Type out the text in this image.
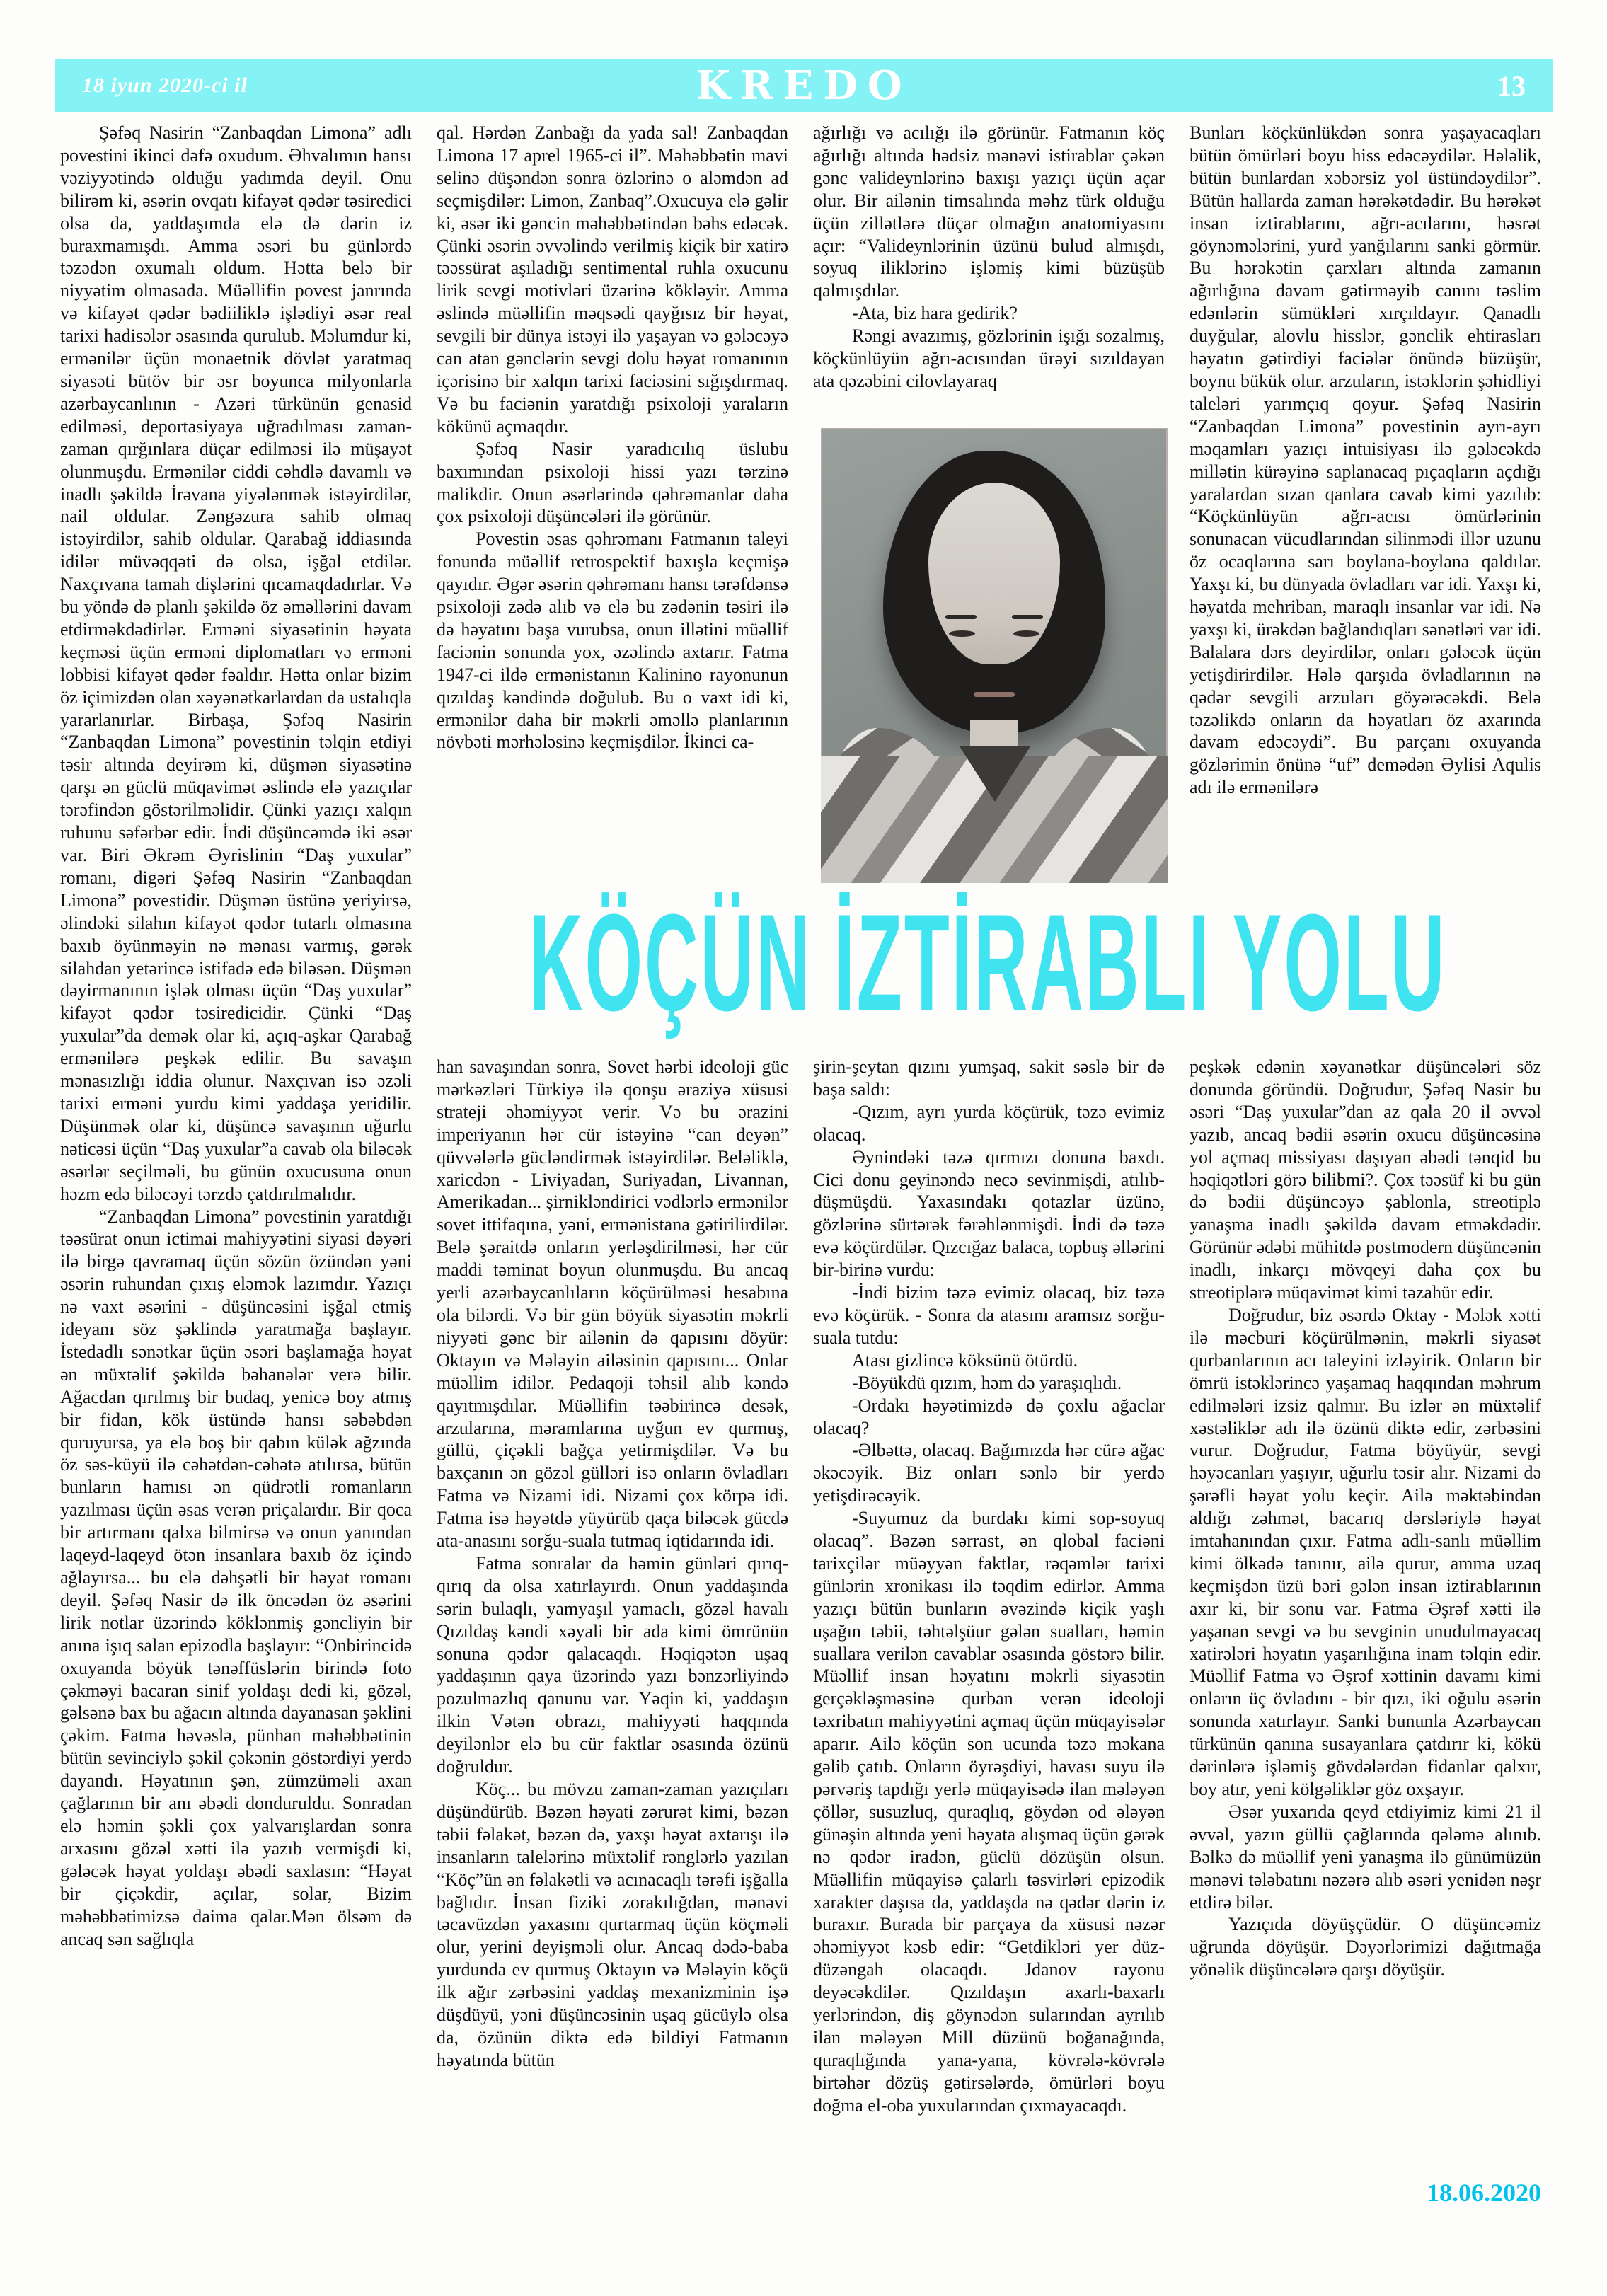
18 iyun 2020-ci il	KREDO	13

Şəfəq Nasirin “Zanbaqdan Limona” adlı povestini ikinci dəfə oxudum. Əhvalımın hansı vəziyyətində olduğu yadımda deyil. Onu bilirəm ki, əsərin ovqatı kifayət qədər təsiredici olsa da, yaddaşımda elə də dərin iz buraxmamışdı. Amma əsəri bu günlərdə təzədən oxumalı oldum. Hətta belə bir niyyətim olmasada. Müəllifin povest janrında və kifayət qədər bədiiliklə işlədiyi əsər real tarixi hadisələr əsasında qurulub. Məlumdur ki, ermənilər üçün monaetnik dövlət yaratmaq siyasəti bütöv bir əsr boyunca milyonlarla azərbaycanlının - Azəri türkünün genasid edilməsi, deportasiyaya uğradılması zaman-zaman qırğınlara düçar edilməsi ilə müşayət olunmuşdu. Ermənilər ciddi cəhdlə davamlı və inadlı şəkildə İrəvana yiyələnmək istəyirdilər, nail oldular. Zəngəzura sahib olmaq istəyirdilər, sahib oldular. Qarabağ iddiasında idilər müvəqqəti də olsa, işğal etdilər. Naxçıvana tamah dişlərini qıcamaqdadırlar. Və bu yöndə də planlı şəkildə öz əməllərini davam etdirməkdədirlər. Erməni siyasətinin həyata keçməsi üçün erməni diplomatları və erməni lobbisi kifayət qədər fəaldır. Hətta onlar bizim öz içimizdən olan xəyənətkarlardan da ustalıqla yararlanırlar. Birbaşa, Şəfəq Nasirin “Zanbaqdan Limona” povestinin təlqin etdiyi təsir altında deyirəm ki, düşmən siyasətinə qarşı ən güclü müqavimət əslində elə yazıçılar tərəfindən göstərilməlidir. Çünki yazıçı xalqın ruhunu səfərbər edir. İndi düşüncəmdə iki əsər var. Biri Əkrəm Əyrislinin “Daş yuxular” romanı, digəri Şəfəq Nasirin “Zanbaqdan Limona” povestidir. Düşmən üstünə yeriyirsə, əlindəki silahın kifayət qədər tutarlı olmasına baxıb öyünməyin nə mənası varmış, gərək silahdan yetərincə istifadə edə biləsən. Düşmən dəyirmanının işlək olması üçün “Daş yuxular” kifayət qədər təsiredicidir. Çünki “Daş yuxular”da demək olar ki, açıq-aşkar Qarabağ ermənilərə peşkək edilir. Bu savaşın mənasızlığı iddia olunur. Naxçıvan isə əzəli tarixi erməni yurdu kimi yaddaşa yeridilir. Düşünmək olar ki, düşüncə savaşının uğurlu nəticəsi üçün “Daş yuxular”a cavab ola biləcək əsərlər seçilməli, bu günün oxucusuna onun həzm edə biləcəyi tərzdə çatdırılmalıdır.

“Zanbaqdan Limona” povestinin yaratdığı təəsürat onun ictimai mahiyyətini siyasi dəyəri ilə birgə qavramaq üçün sözün özündən yəni əsərin ruhundan çıxış eləmək lazımdır. Yazıçı nə vaxt əsərini - düşüncəsini işğal etmiş ideyanı söz şəklində yaratmağa başlayır. İstedadlı sənətkar üçün əsəri başlamağa həyat ən müxtəlif şəkildə bəhanələr verə bilir. Ağacdan qırılmış bir budaq, yenicə boy atmış bir fidan, kök üstündə hansı səbəbdən quruyursa, ya elə boş bir qabın külək ağzında öz səs-küyü ilə cəhətdən-cəhətə atılırsa, bütün bunların hamısı ən qüdrətli romanların yazılması üçün əsas verən priçalardır. Bir qoca bir artırmanı qalxa bilmirsə və onun yanından laqeyd-laqeyd ötən insanlara baxıb öz içində ağlayırsa... bu elə dəhşətli bir həyat romanı deyil. Şəfəq Nasir də ilk öncədən öz əsərini lirik notlar üzərində köklənmiş gəncliyin bir anına işıq salan epizodla başlayır: “Onbirincidə oxuyanda böyük tənəffüslərin birində foto çəkməyi bacaran sinif yoldaşı dedi ki, gözəl, gəlsənə bax bu ağacın altında dayanasan şəklini çəkim. Fatma həvəslə, pünhan məhəbbətinin bütün sevinciylə şəkil çəkənin göstərdiyi yerdə dayandı. Həyatının şən, zümzüməli axan çağlarının bir anı əbədi donduruldu. Sonradan elə həmin şəkli çox yalvarışlardan sonra arxasını gözəl xətti ilə yazıb vermişdi ki, gələcək həyat yoldaşı əbədi saxlasın: “Həyat bir çiçəkdir, açılar, solar, Bizim məhəbbətimizsə daima qalar.Mən ölsəm də ancaq sən sağlıqla

qal. Hərdən Zanbağı da yada sal! Zanbaqdan Limona 17 aprel 1965-ci il”. Məhəbbətin mavi selinə düşəndən sonra özlərinə o aləmdən ad seçmişdilər: Limon, Zanbaq”.Oxucuya elə gəlir ki, əsər iki gəncin məhəbbətindən bəhs edəcək. Çünki əsərin əvvəlində verilmiş kiçik bir xatirə təəssürat aşıladığı sentimental ruhla oxucunu lirik sevgi motivləri üzərinə kökləyir. Amma əslində müəllifin məqsədi qayğısız bir həyat, sevgili bir dünya istəyi ilə yaşayan və gələcəyə can atan gənclərin sevgi dolu həyat romanının içərisinə bir xalqın tarixi faciəsini sığışdırmaq. Və bu faciənin yaratdığı psixoloji yaraların kökünü açmaqdır.

Şəfəq Nasir yaradıcılıq üslubu baxımından psixoloji hissi yazı tərzinə malikdir. Onun əsərlərində qəhrəmanlar daha çox psixoloji düşüncələri ilə görünür.

Povestin əsas qəhrəmanı Fatmanın taleyi fonunda müəllif retrospektif baxışla keçmişə qayıdır. Əgər əsərin qəhrəmanı hansı tərəfdənsə psixoloji zədə alıb və elə bu zədənin təsiri ilə də həyatını başa vurubsa, onun illətini müəllif faciənin sonunda yox, əzəlində axtarır. Fatma 1947-ci ildə ermənistanın Kalinino rayonunun qızıldaş kəndində doğulub. Bu o vaxt idi ki, ermənilər daha bir məkrli əməllə planlarının növbəti mərhələsinə keçmişdilər. İkinci ca-

ağırlığı və acılığı ilə görünür. Fatmanın köç ağırlığı altında hədsiz mənəvi istirablar çəkən gənc valideynlərinə baxışı yazıçı üçün açar olur. Bir ailənin timsalında məhz türk olduğu üçün zillətlərə düçar olmağın anatomiyasını açır: “Valideynlərinin üzünü bulud almışdı, soyuq iliklərinə işləmiş kimi büzüşüb qalmışdılar.

-Ata, biz hara gedirik?

Rəngi avazımış, gözlərinin işığı sozalmış, köçkünlüyün ağrı-acısından ürəyi sızıldayan ata qəzəbini cilovlayaraq

Bunları köçkünlükdən sonra yaşayacaqları bütün ömürləri boyu hiss edəcəydilər. Hələlik, bütün bunlardan xəbərsiz yol üstündəydilər”. Bütün hallarda zaman hərəkətdədir. Bu hərəkət insan iztirablarını, ağrı-acılarını, həsrət göynəmələrini, yurd yanğılarını sanki görmür. Bu hərəkətin çarxları altında zamanın ağırlığına davam gətirməyib canını təslim edənlərin sümükləri xırçıldayır. Qanadlı duyğular, alovlu hisslər, gənclik ehtirasları həyatın gətirdiyi faciələr önündə büzüşür, boynu bükük olur. arzuların, istəklərin şəhidliyi taleləri yarımçıq qoyur. Şəfəq Nasirin “Zanbaqdan Limona” povestinin ayrı-ayrı məqamları yazıçı intuisiyası ilə gələcəkdə millətin kürəyinə saplanacaq pıçaqların açdığı yaralardan sızan qanlara cavab kimi yazılıb: “Köçkünlüyün ağrı-acısı ömürlərinin sonunacan vücudlarından silinmədi illər uzunu öz ocaqlarına sarı boylana-boylana qaldılar. Yaxşı ki, bu dünyada övladları var idi. Yaxşı ki, həyatda mehriban, maraqlı insanlar var idi. Nə yaxşı ki, ürəkdən bağlandıqları sənətləri var idi. Balalara dərs deyirdilər, onları gələcək üçün yetişdirirdilər. Hələ qarşıda övladlarının nə qədər sevgili arzuları göyərəcəkdi. Belə təzəlikdə onların da həyatları öz axarında davam edəcəydi”. Bu parçanı oxuyanda gözlərimin önünə “uf” demədən Əylisi Aqulis adı ilə ermənilərə

KÖÇÜN İZTİRABLI YOLU

han savaşından sonra, Sovet hərbi ideoloji güc mərkəzləri Türkiyə ilə qonşu əraziyə xüsusi strateji əhəmiyyət verir. Və bu ərazini imperiyanın hər cür istəyinə “can deyən” qüvvələrlə gücləndirmək istəyirdilər. Beləliklə, xaricdən - Liviyadan, Suriyadan, Livannan, Amerikadan... şirnikləndirici vədlərlə ermənilər sovet ittifaqına, yəni, ermənistana gətirilirdilər. Belə şəraitdə onların yerləşdirilməsi, hər cür maddi təminat boyun olunmuşdu. Bu ancaq yerli azərbaycanlıların köçürülməsi hesabına ola bilərdi. Və bir gün böyük siyasətin məkrli niyyəti gənc bir ailənin də qapısını döyür: Oktayın və Mələyin ailəsinin qapısını... Onlar müəllim idilər. Pedaqoji təhsil alıb kəndə qayıtmışdılar. Müəllifin təəbirincə desək, arzularına, məramlarına uyğun ev qurmuş, güllü, çiçəkli bağça yetirmişdilər. Və bu baxçanın ən gözəl gülləri isə onların övladları Fatma və Nizami idi. Nizami çox körpə idi. Fatma isə həyətdə yüyürüb qaça biləcək gücdə ata-anasını sorğu-suala tutmaq iqtidarında idi.

Fatma sonralar da həmin günləri qırıq-qırıq da olsa xatırlayırdı. Onun yaddaşında sərin bulaqlı, yamyaşıl yamaclı, gözəl havalı Qızıldaş kəndi xəyali bir ada kimi ömrünün sonuna qədər qalacaqdı. Həqiqətən uşaq yaddaşının qaya üzərində yazı bənzərliyində pozulmazlıq qanunu var. Yəqin ki, yaddaşın ilkin Vətən obrazı, mahiyyəti haqqında deyilənlər elə bu cür faktlar əsasında özünü doğruldur.

Köç... bu mövzu zaman-zaman yazıçıları düşündürüb. Bəzən həyati zərurət kimi, bəzən təbii fəlakət, bəzən də, yaxşı həyat axtarışı ilə insanların talelərinə müxtəlif rənglərlə yazılan “Köç”ün ən fəlakətli və acınacaqlı tərəfi işğalla bağlıdır. İnsan fiziki zorakılığdan, mənəvi təcavüzdən yaxasını qurtarmaq üçün köçməli olur, yerini deyişməli olur. Ancaq dədə-baba yurdunda ev qurmuş Oktayın və Mələyin köçü ilk ağır zərbəsini yaddaş mexanizminin işə düşdüyü, yəni düşüncəsinin uşaq gücüylə olsa da, özünün diktə edə bildiyi Fatmanın həyatında bütün

şirin-şeytan qızını yumşaq, sakit səslə bir də başa saldı:

-Qızım, ayrı yurda köçürük, təzə evimiz olacaq.

Əynindəki təzə qırmızı donuna baxdı. Cici donu geyinəndə necə sevinmişdi, atılıb-düşmüşdü. Yaxasındakı qotazlar üzünə, gözlərinə sürtərək fərəhlənmişdi. İndi də təzə evə köçürdülər. Qızcığaz balaca, topbuş əllərini bir-birinə vurdu:

-İndi bizim təzə evimiz olacaq, biz təzə evə köçürük. - Sonra da atasını aramsız sorğu-suala tutdu:

Atası gizlincə köksünü ötürdü.

-Böyükdü qızım, həm də yaraşıqlıdı.

-Ordakı həyətimizdə də çoxlu ağaclar olacaq?

-Əlbəttə, olacaq. Bağımızda hər cürə ağac əkəcəyik. Biz onları sənlə bir yerdə yetişdirəcəyik.

-Suyumuz da burdakı kimi sop-soyuq olacaq”. Bəzən sərrast, ən qlobal faciəni tarixçilər müəyyən faktlar, rəqəmlər tarixi günlərin xronikası ilə təqdim edirlər. Amma yazıçı bütün bunların əvəzində kiçik yaşlı uşağın təbii, təhtəlşüur gələn sualları, həmin suallara verilən cavablar əsasında göstərə bilir. Müəllif insan həyatını məkrli siyasətin gerçəkləşməsinə qurban verən ideoloji təxribatın mahiyyətini açmaq üçün müqayisələr aparır. Ailə köçün son ucunda təzə məkana gəlib çatıb. Onların öyrəşdiyi, havası suyu ilə pərvəriş tapdığı yerlə müqayisədə ilan mələyən çöllər, susuzluq, quraqlıq, göydən od ələyən günəşin altında yeni həyata alışmaq üçün gərək nə qədər iradən, güclü dözüşün olsun. Müəllifin müqayisə çalarlı təsvirləri epizodik xarakter daşısa da, yaddaşda nə qədər dərin iz buraxır. Burada bir parçaya da xüsusi nəzər əhəmiyyət kəsb edir: “Getdikləri yer düz-düzəngah olacaqdı. Jdanov rayonu deyəcəkdilər. Qızıldaşın axarlı-baxarlı yerlərindən, diş göynədən sularından ayrılıb ilan mələyən Mill düzünü boğanağında, quraqlığında yana-yana, kövrələ-kövrələ birtəhər dözüş gətirsələrdə, ömürləri boyu doğma el-oba yuxularından çıxmayacaqdı.

peşkək edənin xəyanətkar düşüncələri söz donunda göründü. Doğrudur, Şəfəq Nasir bu əsəri “Daş yuxular”dan az qala 20 il əvvəl yazıb, ancaq bədii əsərin oxucu düşüncəsinə yol açmaq missiyası daşıyan əbədi tənqid bu həqiqətləri görə bilibmi?. Çox təəsüf ki bu gün də bədii düşüncəyə şablonla, streotiplə yanaşma inadlı şəkildə davam etməkdədir. Görünür ədəbi mühitdə postmodern düşüncənin inadlı, inkarçı mövqeyi daha çox bu streotiplərə müqavimət kimi təzahür edir.

Doğrudur, biz əsərdə Oktay - Mələk xətti ilə məcburi köçürülmənin, məkrli siyasət qurbanlarının acı taleyini izləyirik. Onların bir ömrü istəklərincə yaşamaq haqqından məhrum edilmələri izsiz qalmır. Bu izlər ən müxtəlif xəstəliklər adı ilə özünü diktə edir, zərbəsini vurur. Doğrudur, Fatma böyüyür, sevgi həyəcanları yaşıyır, uğurlu təsir alır. Nizami də şərəfli həyat yolu keçir. Ailə məktəbindən aldığı zəhmət, bacarıq dərsləriylə həyat imtahanından çıxır. Fatma adlı-sanlı müəllim kimi ölkədə tanınır, ailə qurur, amma uzaq keçmişdən üzü bəri gələn insan iztirablarının axır ki, bir sonu var. Fatma Əşrəf xətti ilə yaşanan sevgi və bu sevginin unudulmayacaq xatirələri həyatın yaşarılığına inam təlqin edir. Müəllif Fatma və Əşrəf xəttinin davamı kimi onların üç övladını - bir qızı, iki oğulu əsərin sonunda xatırlayır. Sanki bununla Azərbaycan türkünün qanına susayanlara çatdırır ki, kökü dərinlərə işləmiş gövdələrdən fidanlar qalxır, boy atır, yeni kölgəliklər göz oxşayır.

Əsər yuxarıda qeyd etdiyimiz kimi 21 il əvvəl, yazın güllü çağlarında qələmə alınıb. Bəlkə də müəllif yeni yanaşma ilə günümüzün mənəvi tələbatını nəzərə alıb əsəri yenidən nəşr etdirə bilər.

Yazıçıda döyüşçüdür. O düşüncəmiz uğrunda döyüşür. Dəyərlərimizi dağıtmağa yönəlik düşüncələrə qarşı döyüşür.

18.06.2020
